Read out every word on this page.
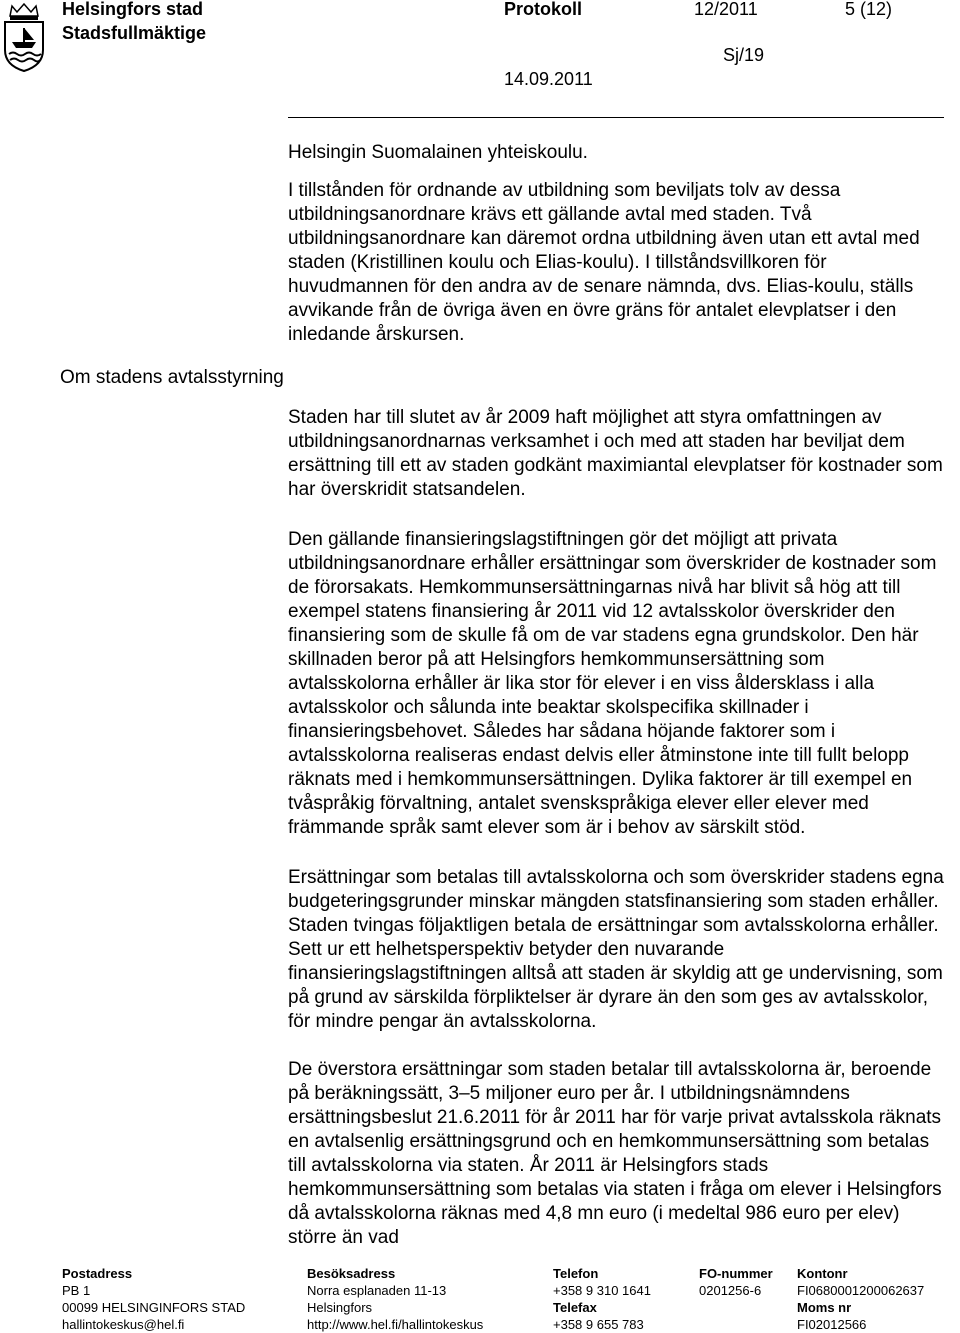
Helsingfors stad
Stadsfullmäktige
Protokoll	12/2011	5 (12)
Sj/19
14.09.2011
Om stadens avtalsstyrning

Helsingin Suomalainen yhteiskoulu.

I tillstånden för ordnande av utbildning som beviljats tolv av dessa utbildningsanordnare krävs ett gällande avtal med staden. Två utbildningsanordnare kan däremot ordna utbildning även utan ett avtal med staden (Kristillinen koulu och Elias-koulu). I tillståndsvillkoren för huvudmannen för den andra av de senare nämnda, dvs. Elias-koulu, ställs avvikande från de övriga även en övre gräns för antalet elevplatser i den inledande årskursen.

Staden har till slutet av år 2009 haft möjlighet att styra omfattningen av utbildningsanordnarnas verksamhet i och med att staden har beviljat dem ersättning till ett av staden godkänt maximiantal elevplatser för kostnader som har överskridit statsandelen.

Den gällande finansieringslagstiftningen gör det möjligt att privata utbildningsanordnare erhåller ersättningar som överskrider de kostnader som de förorsakats. Hemkommunsersättningarnas nivå har blivit så hög att till exempel statens finansiering år 2011 vid 12 avtalsskolor överskrider den finansiering som de skulle få om de var stadens egna grundskolor. Den här skillnaden beror på att Helsingfors hemkommunsersättning som avtalsskolorna erhåller är lika stor för elever i en viss åldersklass i alla avtalsskolor och sålunda inte beaktar skolspecifika skillnader i finansieringsbehovet. Således har sådana höjande faktorer som i avtalsskolorna realiseras endast delvis eller åtminstone inte till fullt belopp räknats med i hemkommunsersättningen. Dylika faktorer är till exempel en tvåspråkig förvaltning, antalet svenskspråkiga elever eller elever med främmande språk samt elever som är i behov av särskilt stöd.

Ersättningar som betalas till avtalsskolorna och som överskrider stadens egna budgeteringsgrunder minskar mängden statsfinansiering som staden erhåller. Staden tvingas följaktligen betala de ersättningar som avtalsskolorna erhåller. Sett ur ett helhetsperspektiv betyder den nuvarande finansieringslagstiftningen alltså att staden är skyldig att ge undervisning, som på grund av särskilda förpliktelser är dyrare än den som ges av avtalsskolor, för mindre pengar än avtalsskolorna.

De överstora ersättningar som staden betalar till avtalsskolorna är, beroende på beräkningssätt, 3–5 miljoner euro per år. I utbildningsnämndens ersättningsbeslut 21.6.2011 för år 2011 har för varje privat avtalsskola räknats en avtalsenlig ersättningsgrund och en hemkommunsersättning som betalas till avtalsskolorna via staten. År 2011 är Helsingfors stads hemkommunsersättning som betalas via staten i fråga om elever i Helsingfors då avtalsskolorna räknas med 4,8 mn euro (i medeltal 986 euro per elev) större än vad

Postadress
PB 1
00099 HELSINGINFORS STAD
hallintokeskus@hel.fi
Besöksadress
Norra esplanaden 11-13
Helsingfors
http://www.hel.fi/hallintokeskus
Telefon
+358 9 310 1641
Telefax
+358 9 655 783
FO-nummer
0201256-6
Kontonr
FI0680001200062637
Moms nr
FI02012566
